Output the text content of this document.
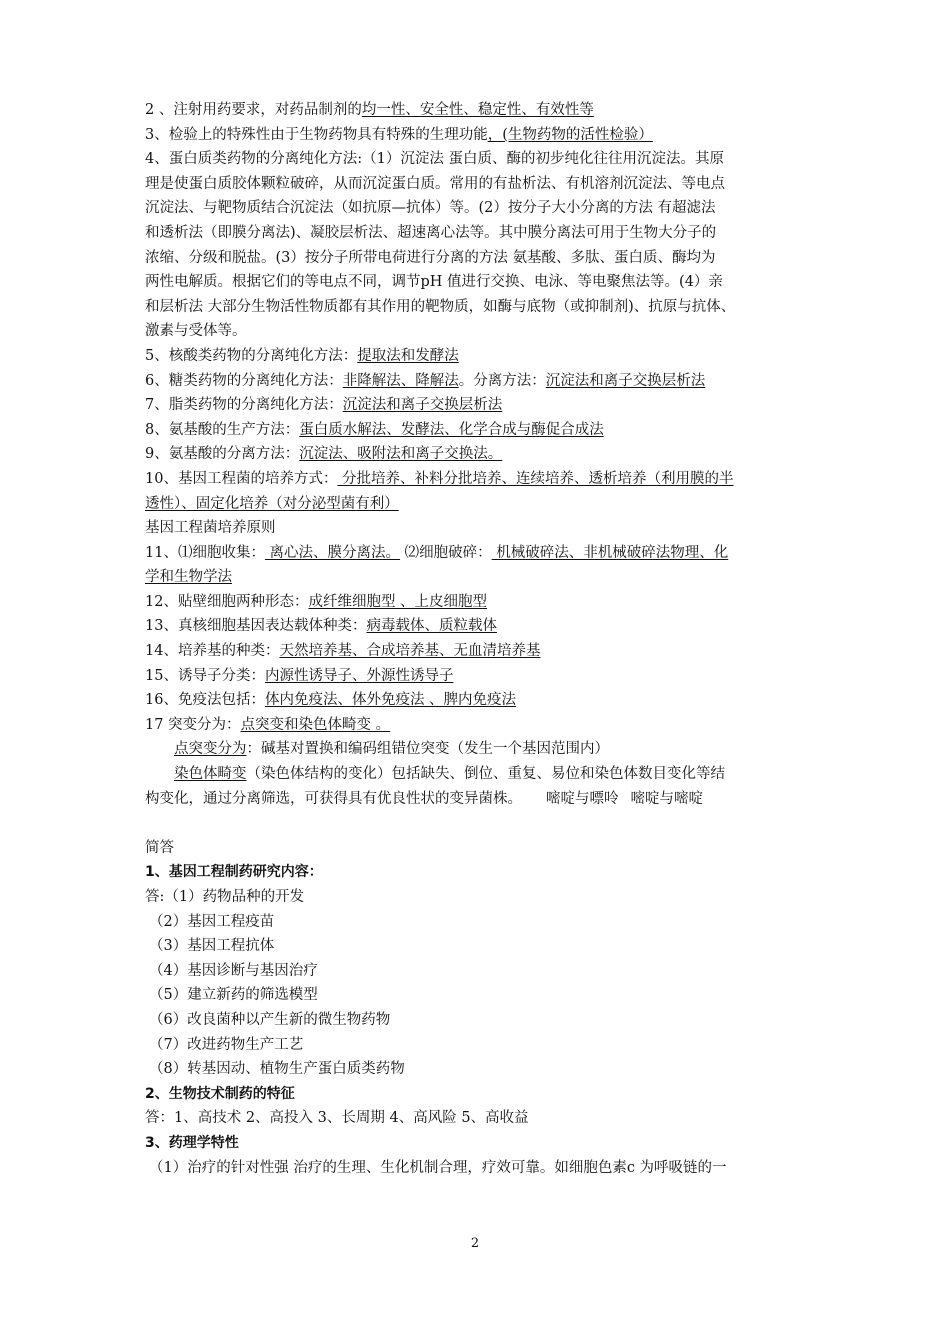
2 、注射用药要求，对药品制剂的均一性、安全性、稳定性、有效性等
3、检验上的特殊性由于生物药物具有特殊的生理功能，(生物药物的活性检验）
4、蛋白质类药物的分离纯化方法:（1）沉淀法 蛋白质、酶的初步纯化往往用沉淀法。其原
理是使蛋白质胶体颗粒破碎，从而沉淀蛋白质。常用的有盐析法、有机溶剂沉淀法、等电点
沉淀法、与靶物质结合沉淀法（如抗原—抗体）等。(2）按分子大小分离的方法 有超滤法
和透析法（即膜分离法)、凝胶层析法、超速离心法等。其中膜分离法可用于生物大分子的
浓缩、分级和脱盐。(3）按分子所带电荷进行分离的方法 氨基酸、多肽、蛋白质、酶均为
两性电解质。根据它们的等电点不同，调节pH 值进行交换、电泳、等电聚焦法等。(4）亲
和层析法 大部分生物活性物质都有其作用的靶物质，如酶与底物（或抑制剂)、抗原与抗体、
激素与受体等。
5、核酸类药物的分离纯化方法：提取法和发酵法
6、糖类药物的分离纯化方法：非降解法、降解法。分离方法：沉淀法和离子交换层析法
7、脂类药物的分离纯化方法：沉淀法和离子交换层析法
8、氨基酸的生产方法：蛋白质水解法、发酵法、化学合成与酶促合成法
9、氨基酸的分离方法：沉淀法、吸附法和离子交换法。
10、基因工程菌的培养方式： 分批培养、补料分批培养、连续培养、透析培养（利用膜的半
透性）、固定化培养（对分泌型菌有利）
基因工程菌培养原则
11、⑴细胞收集： 离心法、膜分离法。 ⑵细胞破碎： 机械破碎法、非机械破碎法物理、化
学和生物学法
12、贴壁细胞两种形态：成纤维细胞型 、上皮细胞型
13、真核细胞基因表达载体种类：病毒载体、质粒载体
14、培养基的种类：天然培养基、合成培养基、无血清培养基
15、诱导子分类：内源性诱导子、外源性诱导子
16、免疫法包括：体内免疫法、体外免疫法 、脾内免疫法
17 突变分为：点突变和染色体畸变 。
点突变分为：碱基对置换和编码组错位突变（发生一个基因范围内）
染色体畸变（染色体结构的变化）包括缺失、倒位、重复、易位和染色体数目变化等结
构变化，通过分离筛选，可获得具有优良性状的变异菌株。 嘧啶与嘌呤 嘧啶与嘧啶
简答
1、基因工程制药研究内容：
答:（1）药物品种的开发
（2）基因工程疫苗
（3）基因工程抗体
（4）基因诊断与基因治疗
（5）建立新药的筛选模型
（6）改良菌种以产生新的微生物药物
（7）改进药物生产工艺
（8）转基因动、植物生产蛋白质类药物
2、生物技术制药的特征
答：1、高技术 2、高投入 3、长周期 4、高风险 5、高收益
3、药理学特性
（1）治疗的针对性强 治疗的生理、生化机制合理，疗效可靠。如细胞色素c 为呼吸链的一
2
